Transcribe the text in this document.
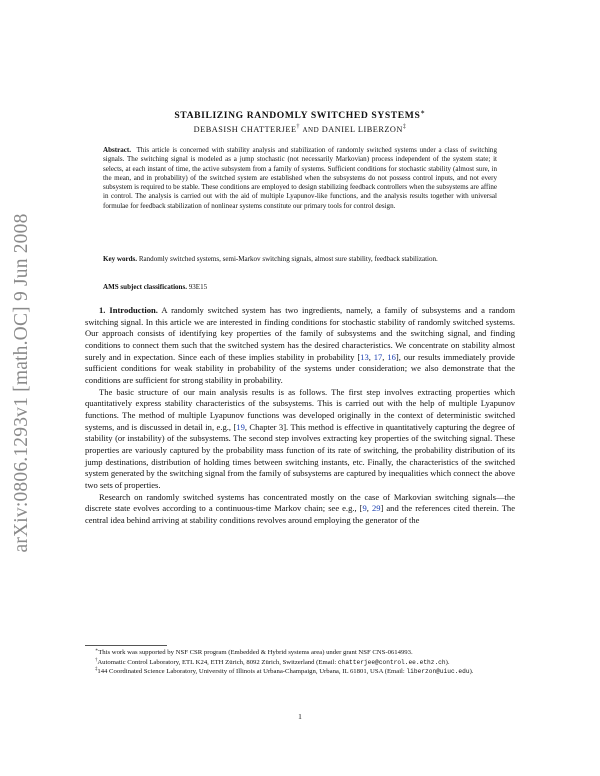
arXiv:0806.1293v1 [math.OC] 9 Jun 2008
STABILIZING RANDOMLY SWITCHED SYSTEMS∗
DEBASISH CHATTERJEE† AND DANIEL LIBERZON‡

Abstract. This article is concerned with stability analysis and stabilization of randomly switched systems under a class of switching signals. The switching signal is modeled as a jump stochastic (not necessarily Markovian) process independent of the system state; it selects, at each instant of time, the active subsystem from a family of systems. Sufficient conditions for stochastic stability (almost sure, in the mean, and in probability) of the switched system are established when the subsystems do not possess control inputs, and not every subsystem is required to be stable. These conditions are employed to design stabilizing feedback controllers when the subsystems are affine in control. The analysis is carried out with the aid of multiple Lyapunov-like functions, and the analysis results together with universal formulae for feedback stabilization of nonlinear systems constitute our primary tools for control design.

Key words. Randomly switched systems, semi-Markov switching signals, almost sure stability, feedback stabilization.

AMS subject classifications. 93E15

1. Introduction. A randomly switched system has two ingredients, namely, a family of subsystems and a random switching signal. In this article we are interested in finding conditions for stochastic stability of randomly switched systems. Our approach consists of identifying key properties of the family of subsystems and the switching signal, and finding conditions to connect them such that the switched system has the desired characteristics. We concentrate on stability almost surely and in expectation. Since each of these implies stability in probability [13, 17, 16], our results immediately provide sufficient conditions for weak stability in probability of the systems under consideration; we also demonstrate that the conditions are sufficient for strong stability in probability.

The basic structure of our main analysis results is as follows. The first step involves extracting properties which quantitatively express stability characteristics of the subsystems. This is carried out with the help of multiple Lyapunov functions. The method of multiple Lyapunov functions was developed originally in the context of deterministic switched systems, and is discussed in detail in, e.g., [19, Chapter 3]. This method is effective in quantitatively capturing the degree of stability (or instability) of the subsystems. The second step involves extracting key properties of the switching signal. These properties are variously captured by the probability mass function of its rate of switching, the probability distribution of its jump destinations, distribution of holding times between switching instants, etc. Finally, the characteristics of the switched system generated by the switching signal from the family of subsystems are captured by inequalities which connect the above two sets of properties.

Research on randomly switched systems has concentrated mostly on the case of Markovian switching signals—the discrete state evolves according to a continuous-time Markov chain; see e.g., [9, 29] and the references cited therein. The central idea behind arriving at stability conditions revolves around employing the generator of the

∗This work was supported by NSF CSR program (Embedded & Hybrid systems area) under grant NSF CNS-0614993.

†Automatic Control Laboratory, ETL K24, ETH Zürich, 8092 Zürich, Switzerland (Email: chatterjee@control.ee.ethz.ch).

‡144 Coordinated Science Laboratory, University of Illinois at Urbana-Champaign, Urbana, IL 61801, USA (Email: liberzon@uiuc.edu).

1
